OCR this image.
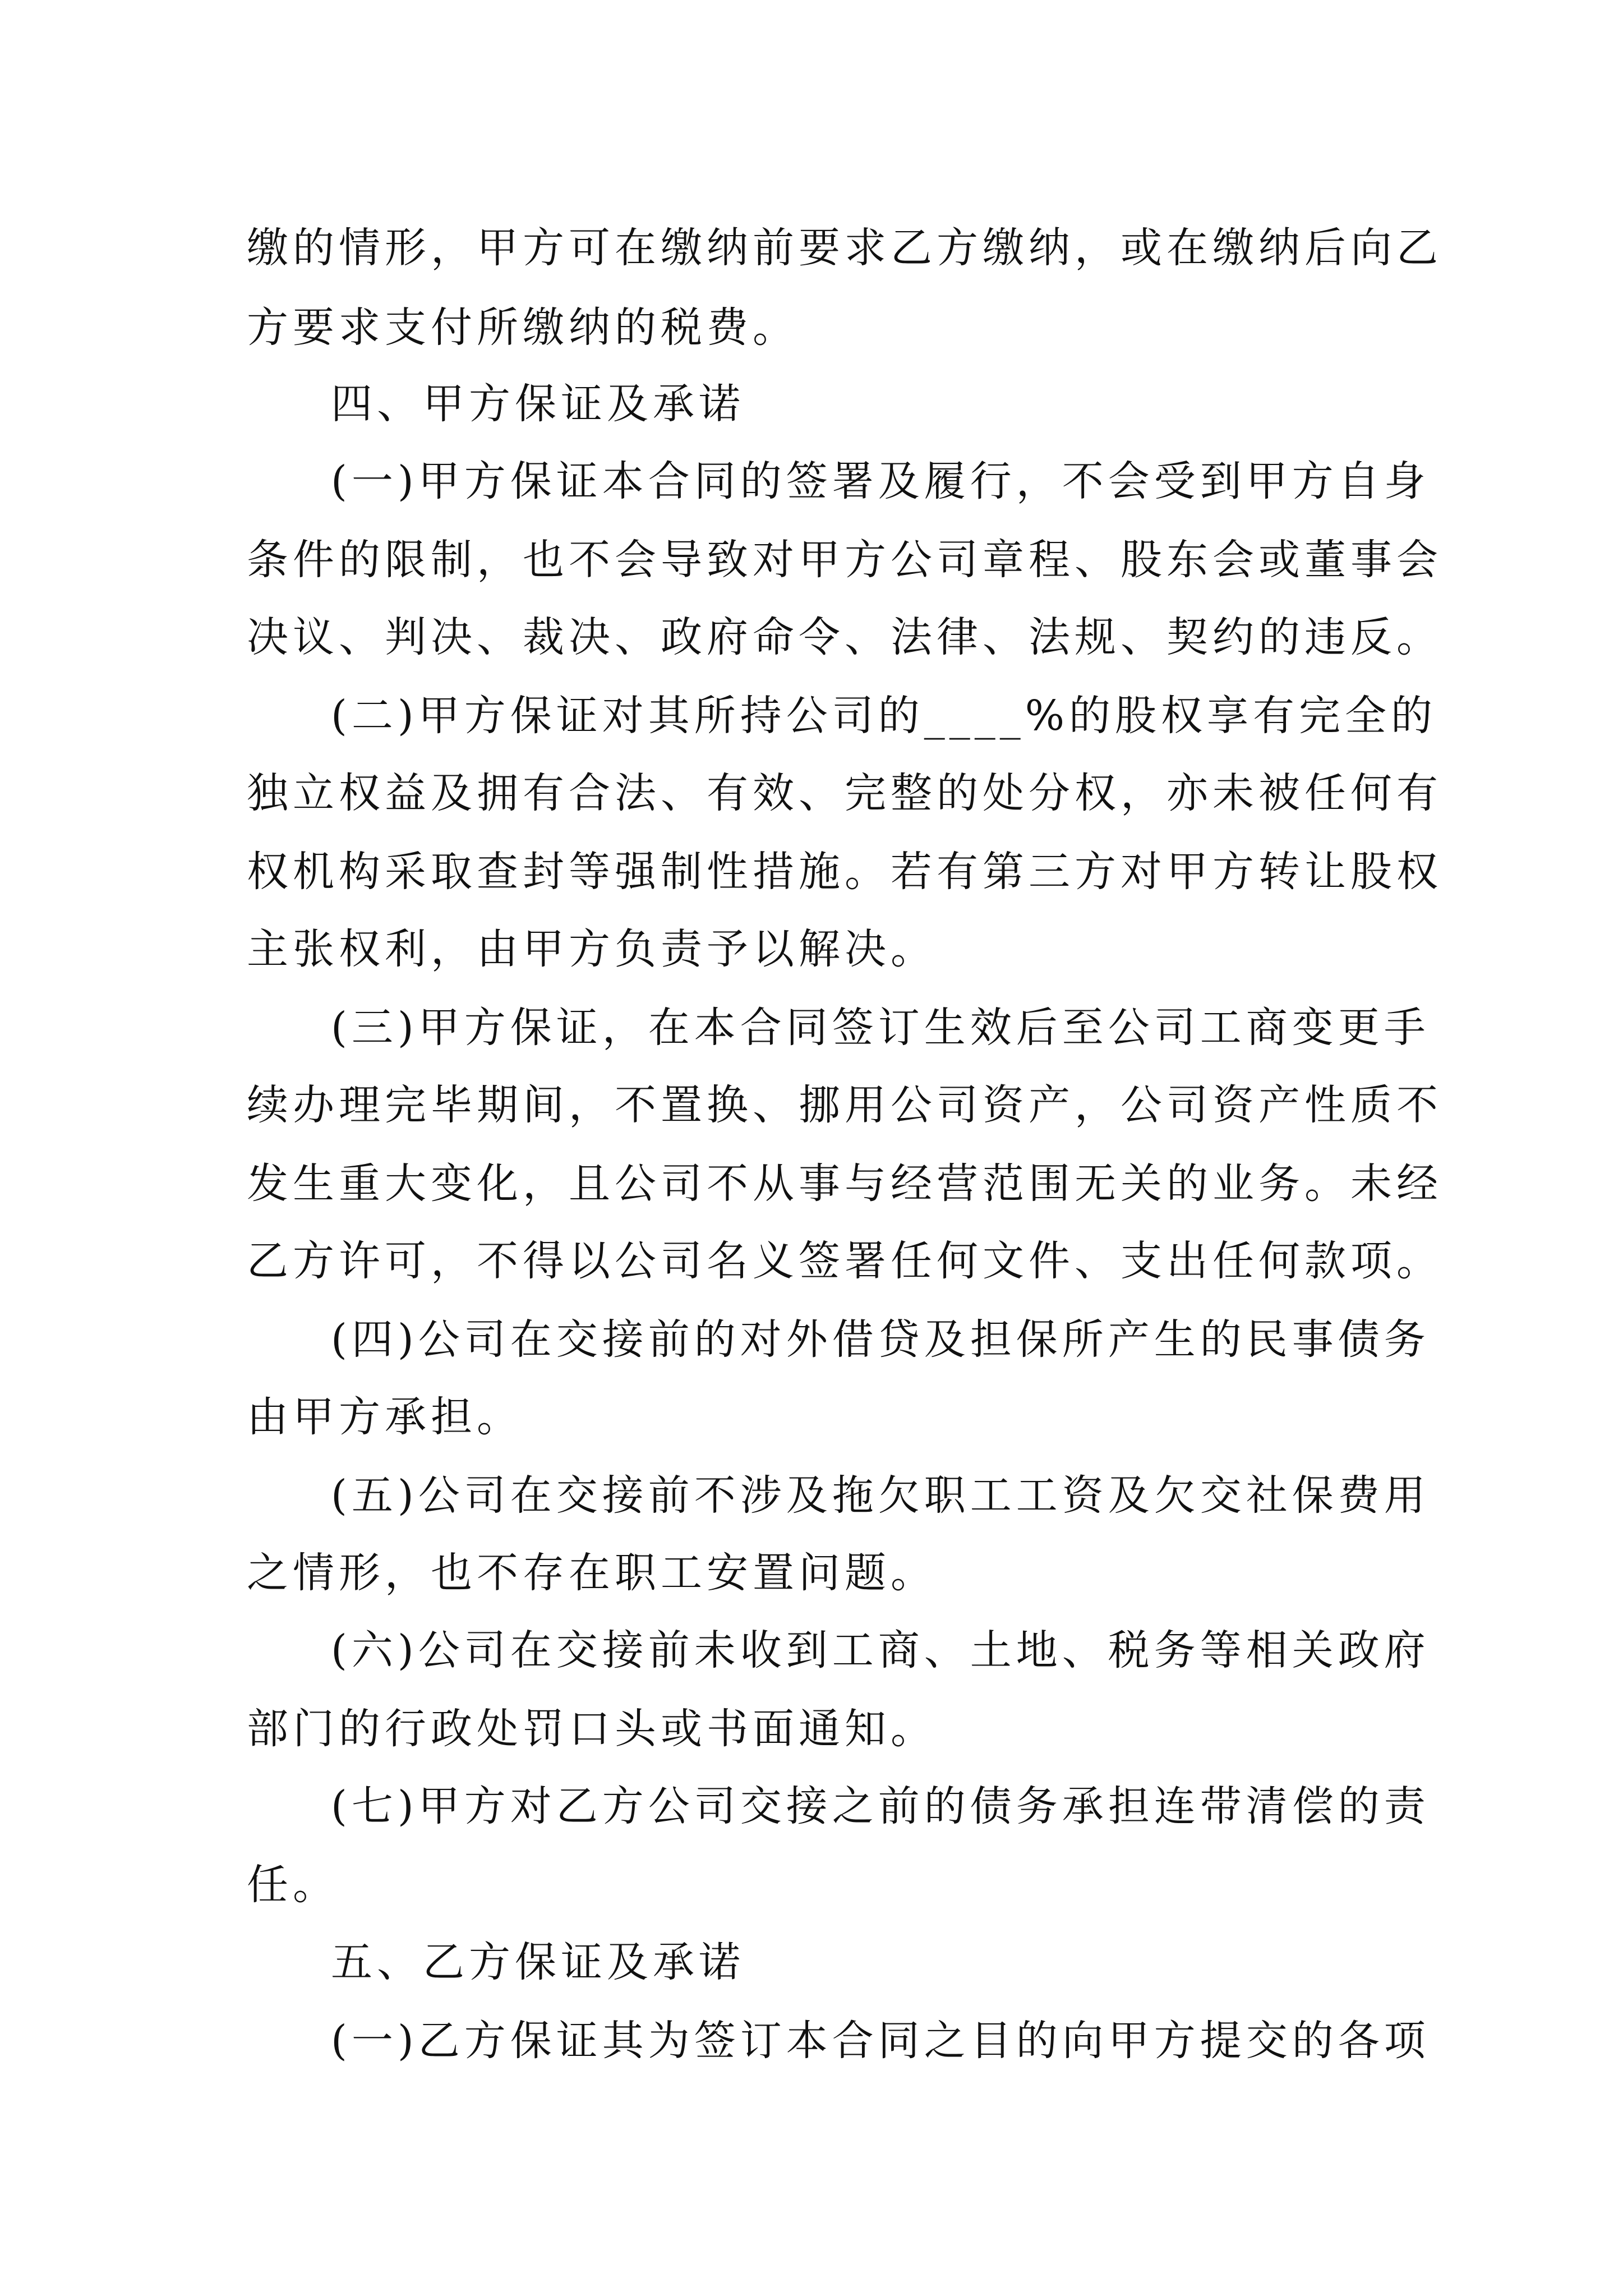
缴的情形，甲方可在缴纳前要求乙方缴纳，或在缴纳后向乙
方要求支付所缴纳的税费。
四、甲方保证及承诺
(一)甲方保证本合同的签署及履行，不会受到甲方自身
条件的限制，也不会导致对甲方公司章程、股东会或董事会
决议、判决、裁决、政府命令、法律、法规、契约的违反。
(二)甲方保证对其所持公司的____%的股权享有完全的
独立权益及拥有合法、有效、完整的处分权，亦未被任何有
权机构采取查封等强制性措施。若有第三方对甲方转让股权
主张权利，由甲方负责予以解决。
(三)甲方保证，在本合同签订生效后至公司工商变更手
续办理完毕期间，不置换、挪用公司资产，公司资产性质不
发生重大变化，且公司不从事与经营范围无关的业务。未经
乙方许可，不得以公司名义签署任何文件、支出任何款项。
(四)公司在交接前的对外借贷及担保所产生的民事债务
由甲方承担。
(五)公司在交接前不涉及拖欠职工工资及欠交社保费用
之情形，也不存在职工安置问题。
(六)公司在交接前未收到工商、土地、税务等相关政府
部门的行政处罚口头或书面通知。
(七)甲方对乙方公司交接之前的债务承担连带清偿的责
任。
五、乙方保证及承诺
(一)乙方保证其为签订本合同之目的向甲方提交的各项
